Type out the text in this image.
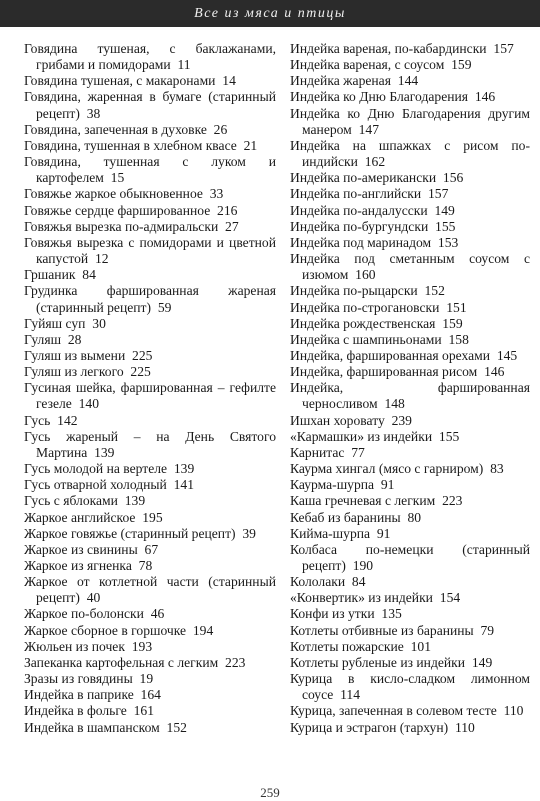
Все из мяса и птицы
Говядина тушеная, с баклажанами, грибами и помидорами 11
Говядина тушеная, с макаронами 14
Говядина, жаренная в бумаге (старинный рецепт) 38
Говядина, запеченная в духовке 26
Говядина, тушенная в хлебном квасе 21
Говядина, тушенная с луком и картофелем 15
Говяжье жаркое обыкновенное 33
Говяжье сердце фаршированное 216
Говяжья вырезка по-адмиральски 27
Говяжья вырезка с помидорами и цветной капустой 12
Гршаник 84
Грудинка фаршированная жареная (старинный рецепт) 59
Гуйяш суп 30
Гуляш 28
Гуляш из вымени 225
Гуляш из легкого 225
Гусиная шейка, фаршированная – гефилте гезеле 140
Гусь 142
Гусь жареный – на День Святого Мартина 139
Гусь молодой на вертеле 139
Гусь отварной холодный 141
Гусь с яблоками 139
Жаркое английское 195
Жаркое говяжье (старинный рецепт) 39
Жаркое из свинины 67
Жаркое из ягненка 78
Жаркое от котлетной части (старинный рецепт) 40
Жаркое по-болонски 46
Жаркое сборное в горшочке 194
Жюльен из почек 193
Запеканка картофельная с легким 223
Зразы из говядины 19
Индейка в паприке 164
Индейка в фольге 161
Индейка в шампанском 152
Индейка вареная, по-кабардински 157
Индейка вареная, с соусом 159
Индейка жареная 144
Индейка ко Дню Благодарения 146
Индейка ко Дню Благодарения другим манером 147
Индейка на шпажках с рисом по-индийски 162
Индейка по-американски 156
Индейка по-английски 157
Индейка по-андалусски 149
Индейка по-бургундски 155
Индейка под маринадом 153
Индейка под сметанным соусом с изюмом 160
Индейка по-рыцарски 152
Индейка по-строгановски 151
Индейка рождественская 159
Индейка с шампиньонами 158
Индейка, фаршированная орехами 145
Индейка, фаршированная рисом 146
Индейка, фаршированная черносливом 148
Ишхан хоровату 239
«Кармашки» из индейки 155
Карнитас 77
Каурма хингал (мясо с гарниром) 83
Каурма-шурпа 91
Каша гречневая с легким 223
Кебаб из баранины 80
Кийма-шурпа 91
Колбаса по-немецки (старинный рецепт) 190
Кололаки 84
«Конвертик» из индейки 154
Конфи из утки 135
Котлеты отбивные из баранины 79
Котлеты пожарские 101
Котлеты рубленые из индейки 149
Курица в кисло-сладком лимонном соусе 114
Курица, запеченная в солевом тесте 110
Курица и эстрагон (тархун) 110
259
